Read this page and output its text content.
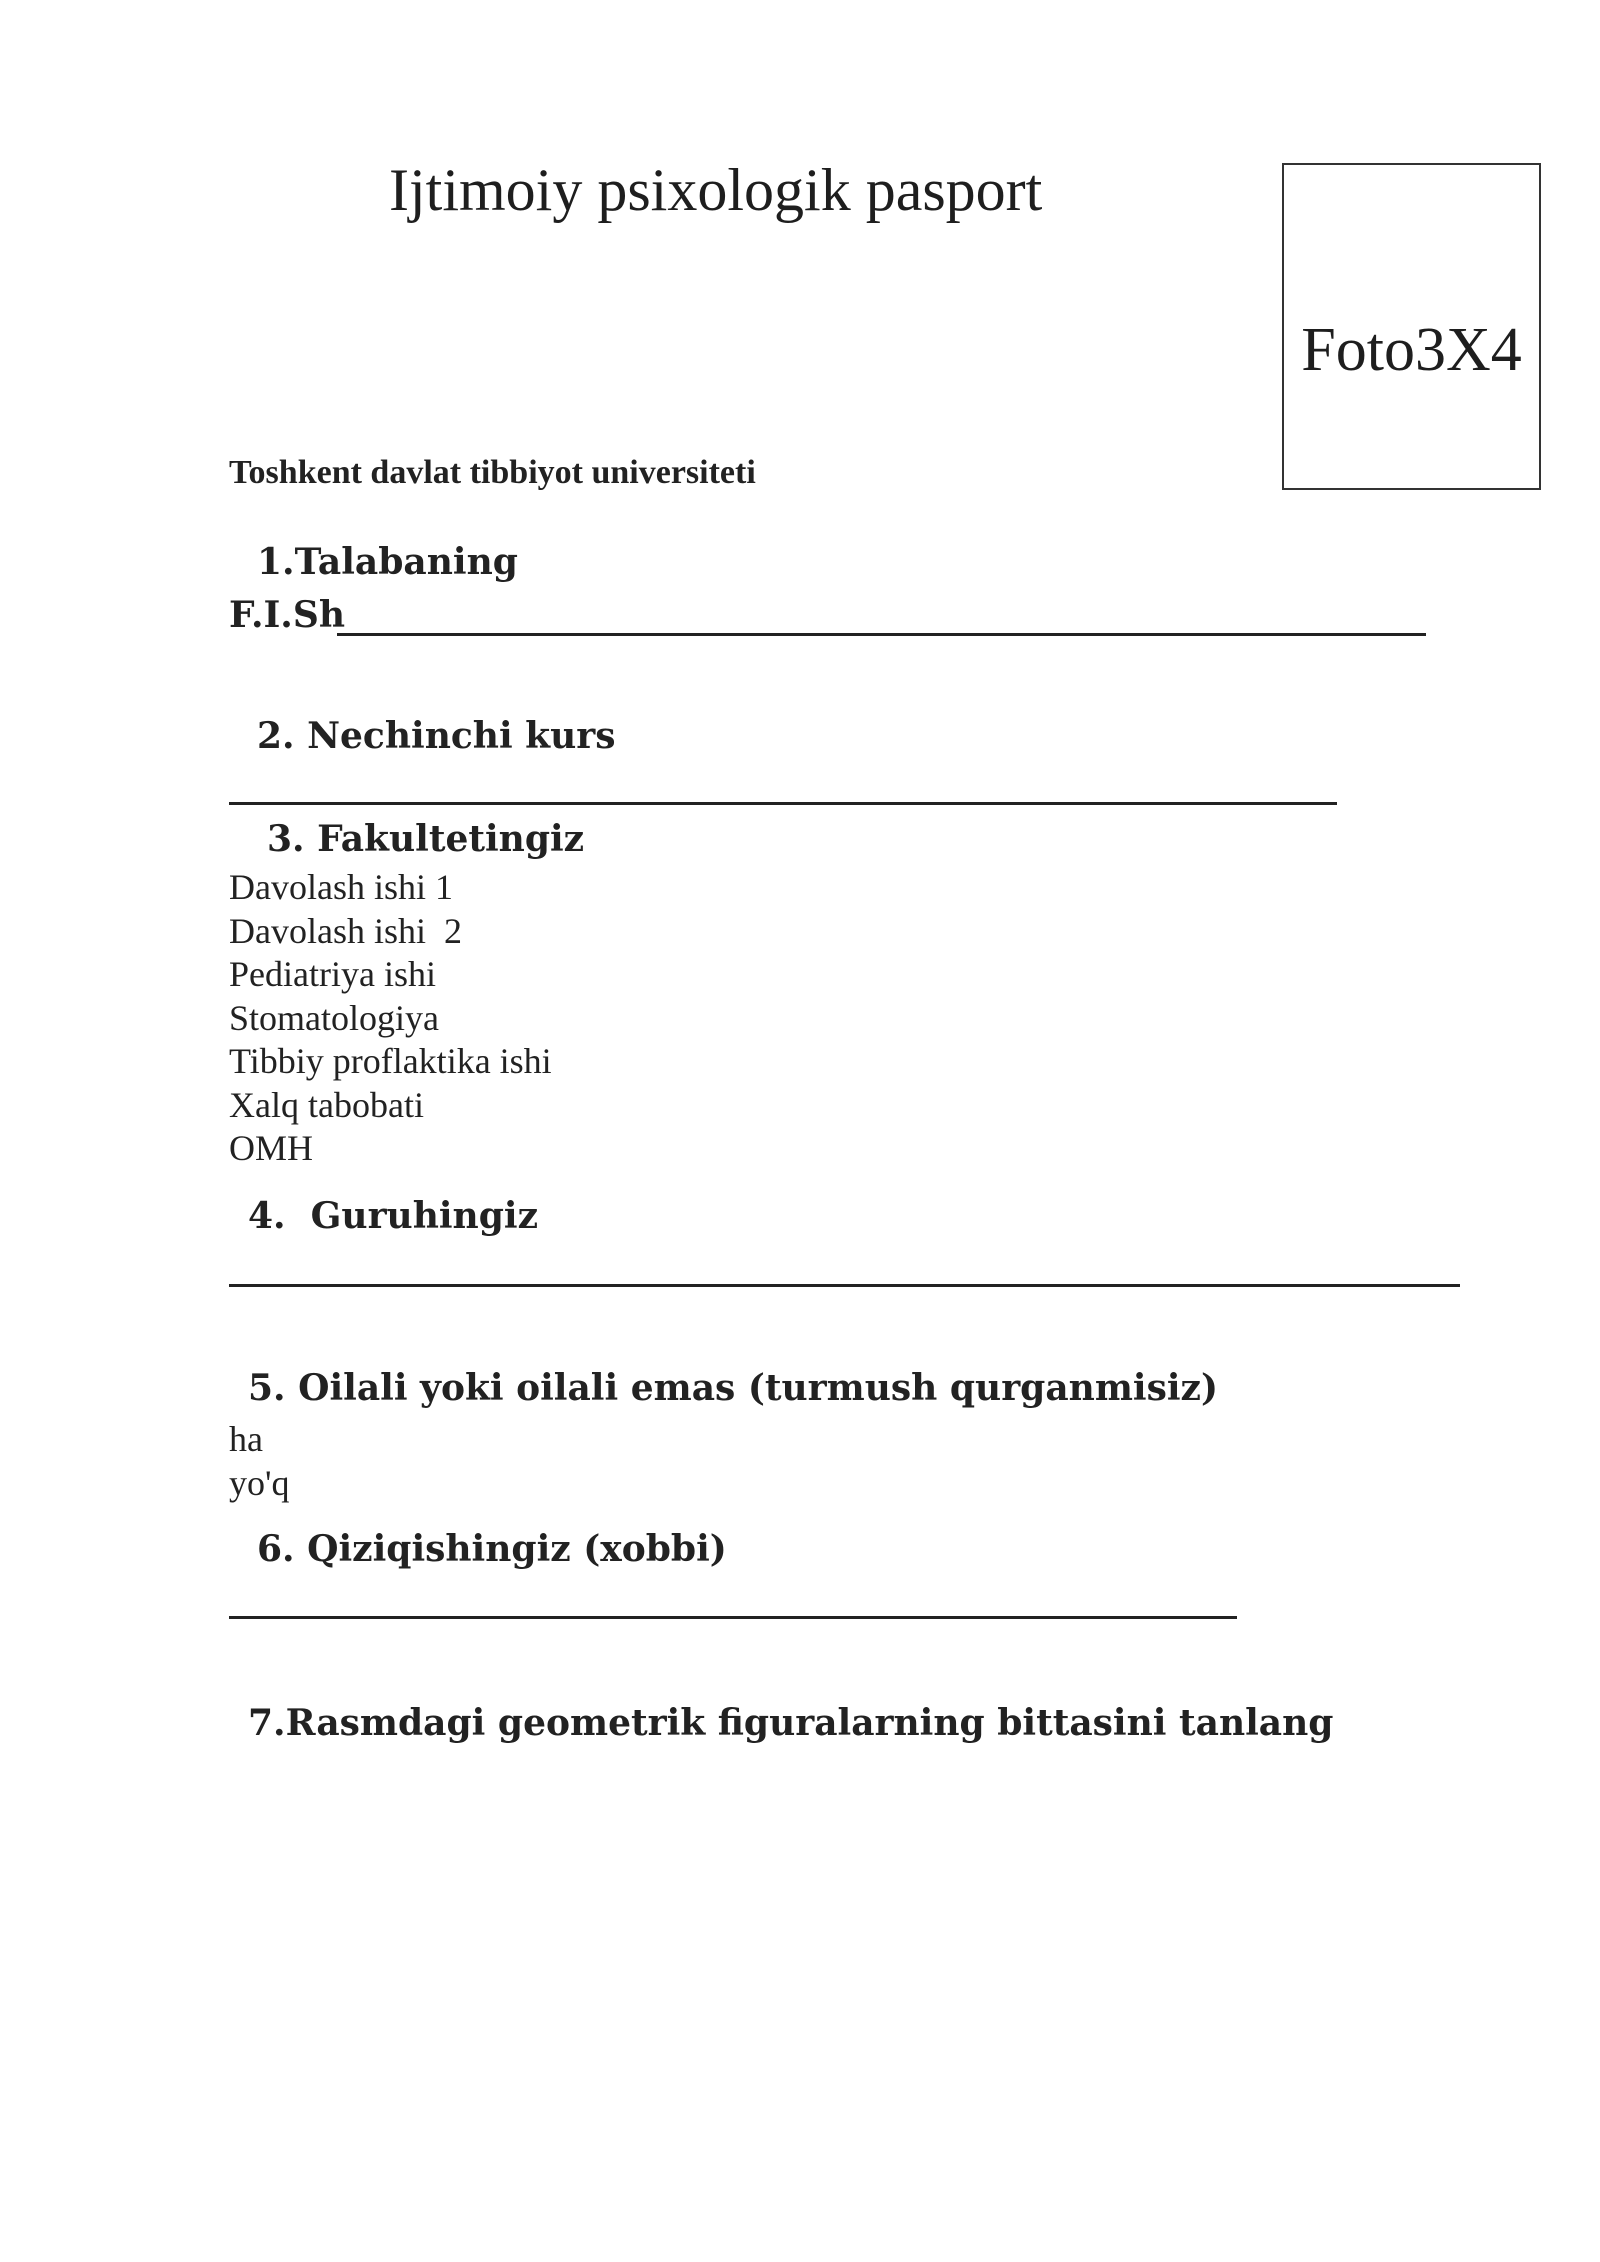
Ijtimoiy psixologik pasport
Foto3X4
Toshkent davlat tibbiyot universiteti
1.Talabaning
F.I.Sh
2. Nechinchi kurs
3. Fakultetingiz
Davolash ishi 1
Davolash ishi  2
Pediatriya ishi
Stomatologiya
Tibbiy proflaktika ishi
Xalq tabobati
OMH
4.  Guruhingiz
5. Oilali yoki oilali emas (turmush qurganmisiz)
ha
yo'q
6. Qiziqishingiz (xobbi)
7.Rasmdagi geometrik figuralarning bittasini tanlang
